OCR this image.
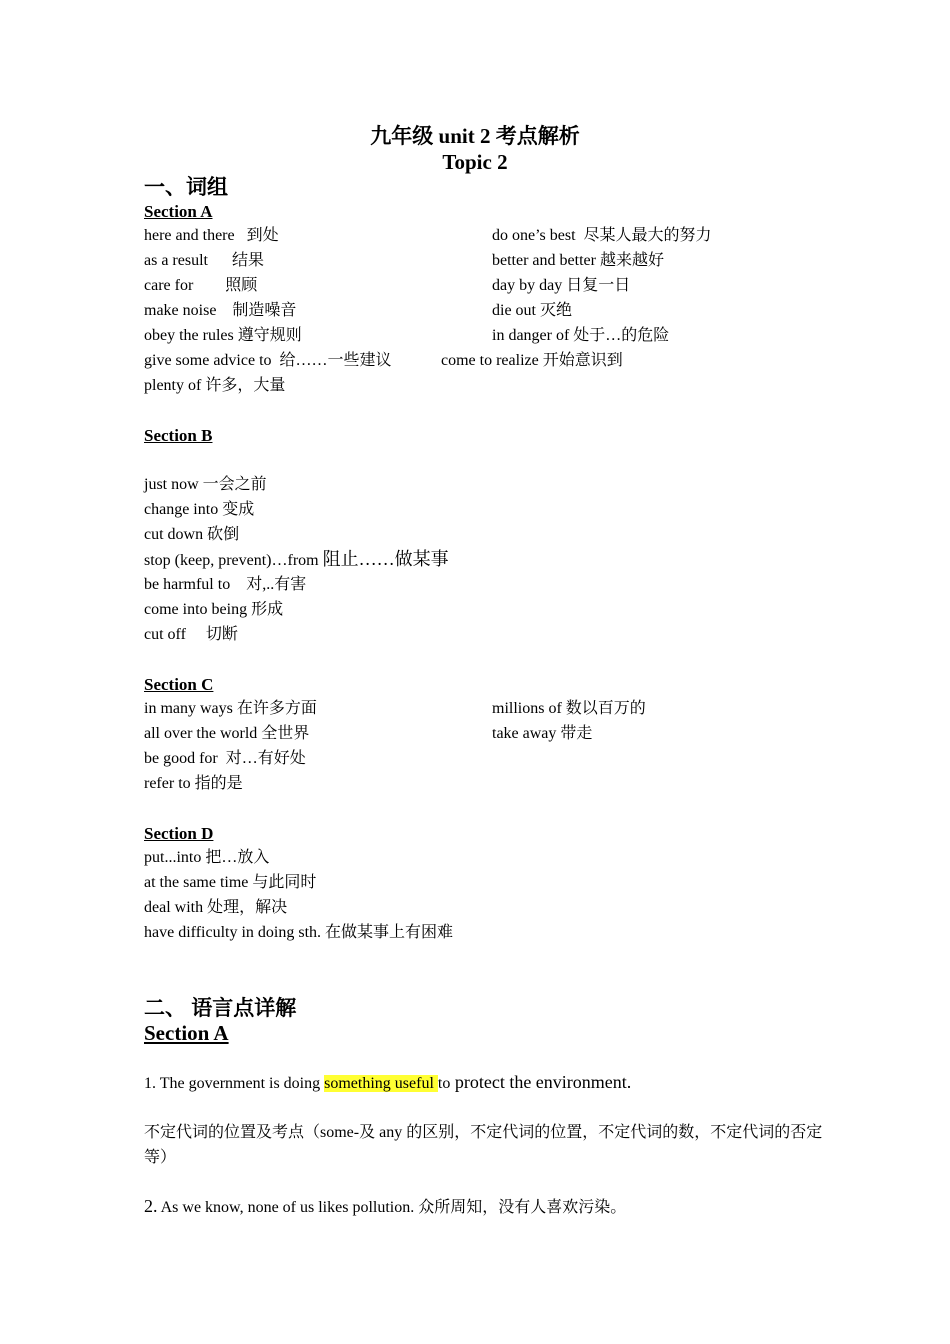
九年级 unit 2 考点解析
Topic 2
一、词组
Section A
here and there   到处
as a result      结果
care for        照顾
make noise    制造噪音
obey the rules 遵守规则
give some advice to  给……一些建议
plenty of 许多，大量
do one’s best  尽某人最大的努力
better and better 越来越好
day by day 日复一日
die out 灭绝
in danger of 处于…的危险
come to realize 开始意识到
Section B
just now 一会之前
change into 变成
cut down 砍倒
stop (keep, prevent)…from 阻止……做某事
be harmful to    对,..有害
come into being 形成
cut off     切断
Section C
in many ways 在许多方面
all over the world 全世界
be good for  对…有好处
refer to 指的是
millions of 数以百万的
take away 带走
Section D
put...into 把…放入
at the same time 与此同时
deal with 处理，解决
have difficulty in doing sth. 在做某事上有困难
二、 语言点详解
Section A
1. The government is doing something useful to protect the environment.
不定代词的位置及考点（some-及 any 的区别，不定代词的位置，不定代词的数，不定代词的否定等）
2. As we know, none of us likes pollution. 众所周知，没有人喜欢污染。
